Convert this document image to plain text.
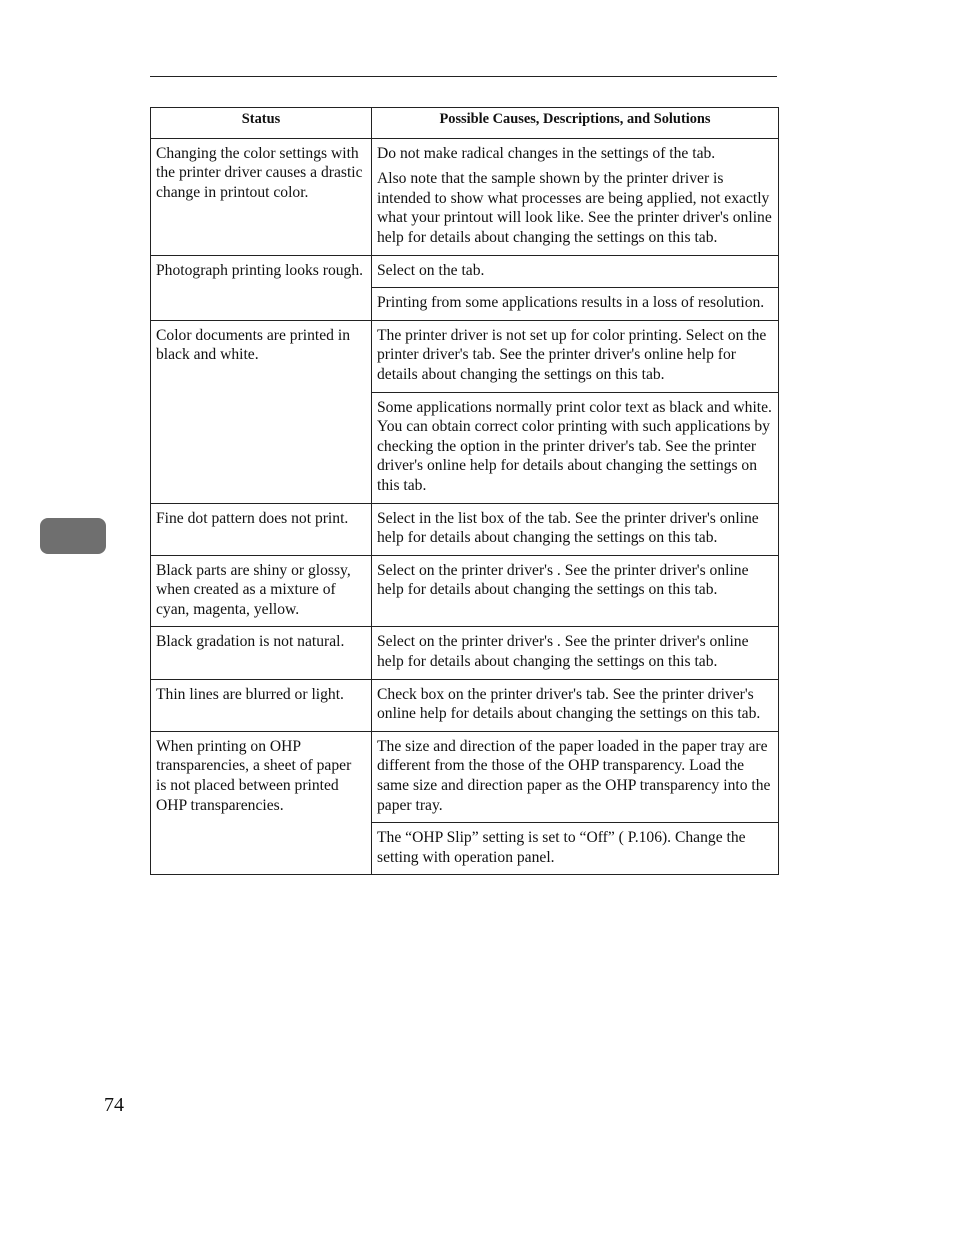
Status	Possible Causes, Descriptions, and Solutions
Changing the color settings with the printer driver causes a drastic change in printout color.	Do not make radical changes in the settings of the tab.

Also note that the sample shown by the printer driver is intended to show what processes are being applied, not exactly what your printout will look like. See the printer driver's online help for details about changing the settings on this tab.

Photograph printing looks rough.	Select on the tab.

	Printing from some applications results in a loss of resolution.

Color documents are printed in black and white.	The printer driver is not set up for color printing. Select on the printer driver's tab. See the printer driver's online help for details about changing the settings on this tab.

	Some applications normally print color text as black and white. You can obtain correct color printing with such applications by checking the option in the printer driver's tab. See the printer driver's online help for details about changing the settings on this tab.

Fine dot pattern does not print.	Select in the list box of the tab. See the printer driver's online help for details about changing the settings on this tab.

Black parts are shiny or glossy, when created as a mixture of cyan, magenta, yellow.	Select on the printer driver's . See the printer driver's online help for details about changing the settings on this tab.

Black gradation is not natural.	Select on the printer driver's . See the printer driver's online help for details about changing the settings on this tab.

Thin lines are blurred or light.	Check box on the printer driver's tab. See the printer driver's online help for details about changing the settings on this tab.

When printing on OHP transparencies, a sheet of paper is not placed between printed OHP transparencies.	The size and direction of the paper loaded in the paper tray are different from the those of the OHP transparency. Load the same size and direction paper as the OHP transparency into the paper tray.

	The “OHP Slip” setting is set to “Off” ( P.106). Change the setting with operation panel.

74
